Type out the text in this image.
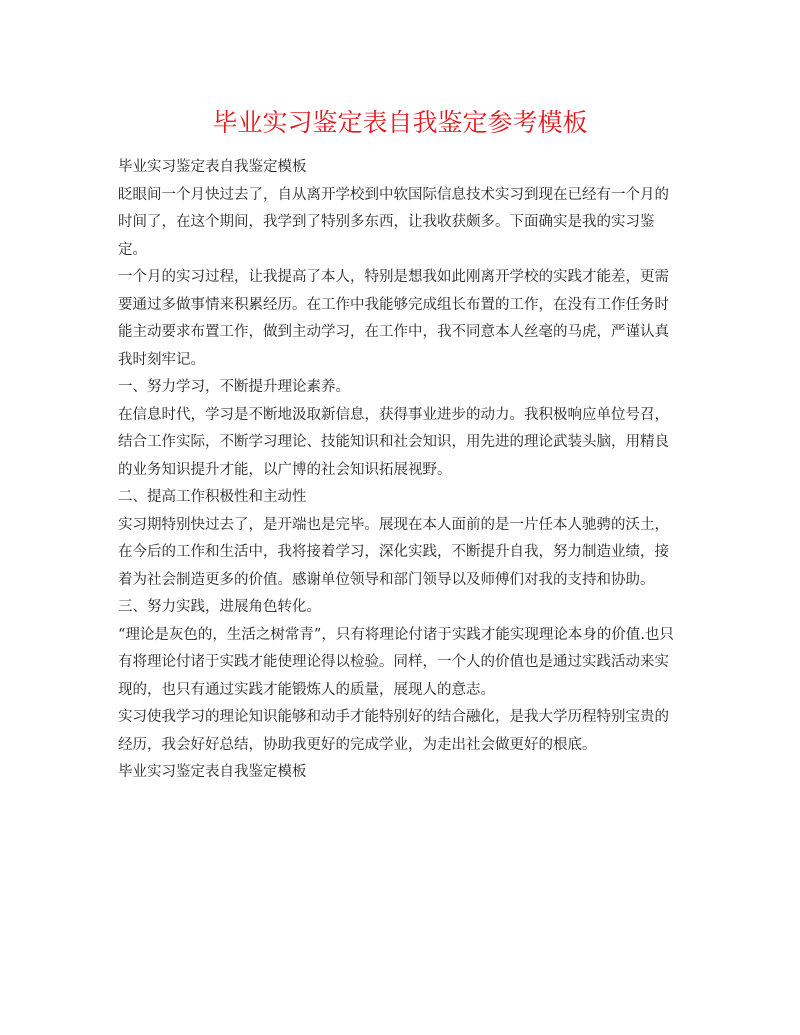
毕业实习鉴定表自我鉴定参考模板

毕业实习鉴定表自我鉴定模板

眨眼间一个月快过去了，自从离开学校到中软国际信息技术实习到现在已经有一个月的时间了，在这个期间，我学到了特别多东西，让我收获颇多。下面确实是我的实习鉴定。

一个月的实习过程，让我提高了本人，特别是想我如此刚离开学校的实践才能差，更需要通过多做事情来积累经历。在工作中我能够完成组长布置的工作，在没有工作任务时能主动要求布置工作，做到主动学习，在工作中，我不同意本人丝毫的马虎，严谨认真我时刻牢记。

一、努力学习，不断提升理论素养。

在信息时代，学习是不断地汲取新信息，获得事业进步的动力。我积极响应单位号召，结合工作实际，不断学习理论、技能知识和社会知识，用先进的理论武装头脑，用精良的业务知识提升才能，以广博的社会知识拓展视野。

二、提高工作积极性和主动性

实习期特别快过去了，是开端也是完毕。展现在本人面前的是一片任本人驰骋的沃土，在今后的工作和生活中，我将接着学习，深化实践，不断提升自我，努力制造业绩，接着为社会制造更多的价值。感谢单位领导和部门领导以及师傅们对我的支持和协助。

三、努力实践，进展角色转化。

“理论是灰色的，生活之树常青”，只有将理论付诸于实践才能实现理论本身的价值.也只有将理论付诸于实践才能使理论得以检验。同样，一个人的价值也是通过实践活动来实现的，也只有通过实践才能锻炼人的质量，展现人的意志。

实习使我学习的理论知识能够和动手才能特别好的结合融化，是我大学历程特别宝贵的经历，我会好好总结，协助我更好的完成学业，为走出社会做更好的根底。

毕业实习鉴定表自我鉴定模板
